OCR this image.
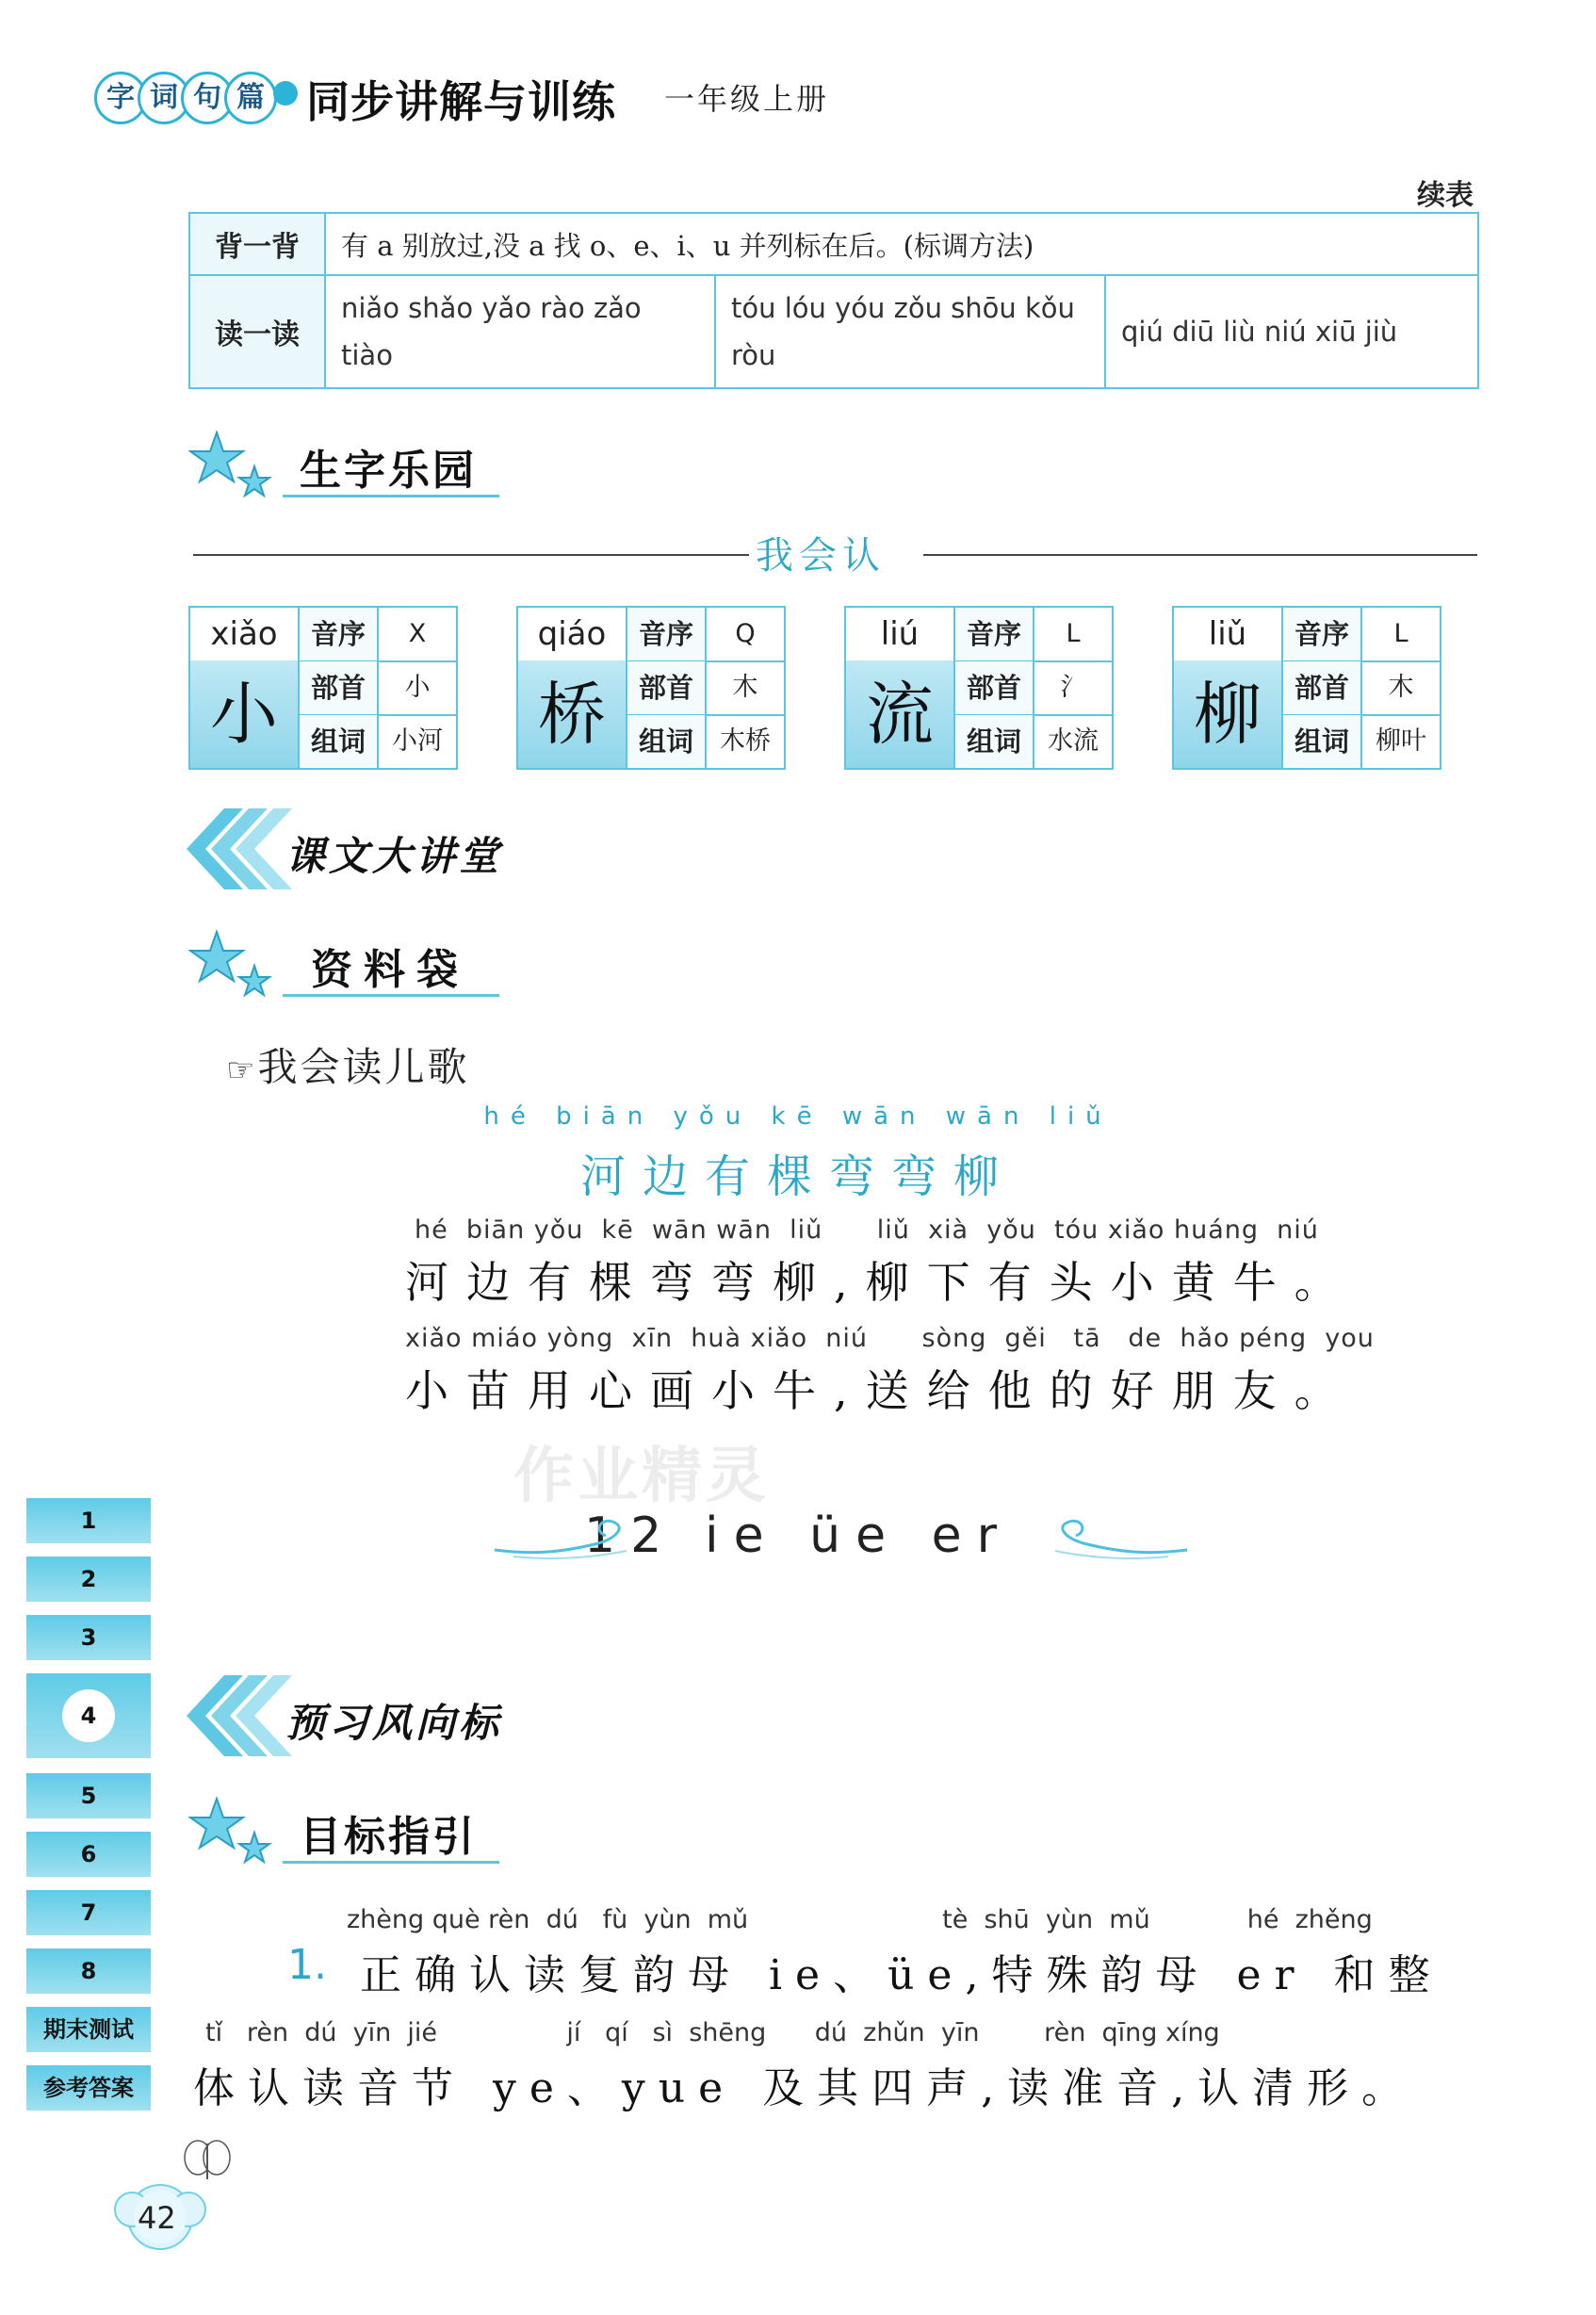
字 词 句 篇 同步讲解与训练 一年级上册
续表
背一背	有 a 别放过,没 a 找 o、e、i、u 并列标在后。(标调方法)		
读一读	niǎo shǎo yǎo rào zǎo tiào	tóu lóu yóu zǒu shōu kǒu ròu	qiú diū liù niú xiū jiù
生字乐园
我会认
xiǎo
小
音序	X
部首	小
组词	小河
qiáo
桥
音序	Q
部首	木
组词	木桥
liú
流
音序	L
部首	氵
组词	水流
liǔ
柳
音序	L
部首	木
组词	柳叶
课文大讲堂
资料袋
☞我会读儿歌
hé biān yǒu kē wān wān liǔ
河边有棵弯弯柳
hé  biān yǒu  kē  wān wān  liǔ      liǔ  xià  yǒu  tóu xiǎo huáng  niú
河边有棵弯弯柳,柳下有头小黄牛。
xiǎo miáo yòng  xīn  huà xiǎo  niú      sòng  gěi   tā   de  hǎo péng  you
小苗用心画小牛,送给他的好朋友。
作业精灵
12 ie üe er
1
2
3
4
5
6
7
8
期末测试
参考答案
预习风向标
目标指引
zhèng què rèn  dú   fù  yùn  mǔ                        tè  shū  yùn  mǔ            hé  zhěng
1. 正确认读复韵母 ie、üe,特殊韵母 er 和整
tǐ   rèn  dú  yīn  jié                jí   qí   sì  shēng      dú  zhǔn  yīn        rèn  qīng xíng
体认读音节 ye、yue 及其四声,读准音,认清形。
42
